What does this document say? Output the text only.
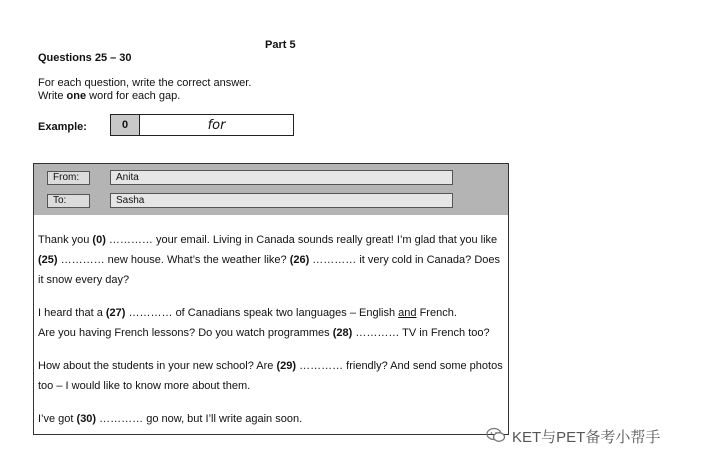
Part 5
Questions 25 – 30
For each question, write the correct answer.
Write one word for each gap.
Example:	0	for
From:	Anita
To:	Sasha

Thank you (0) ………… your email. Living in Canada sounds really great! I’m glad that you like (25) ………… new house. What’s the weather like? (26) ………… it very cold in Canada? Does it snow every day?

I heard that a (27) ………… of Canadians speak two languages – English and French.
Are you having French lessons? Do you watch programmes (28) ………… TV in French too?

How about the students in your new school? Are (29) ………… friendly? And send some photos too – I would like to know more about them.

I’ve got (30) ………… go now, but I’ll write again soon.

KET与PET备考小帮手
